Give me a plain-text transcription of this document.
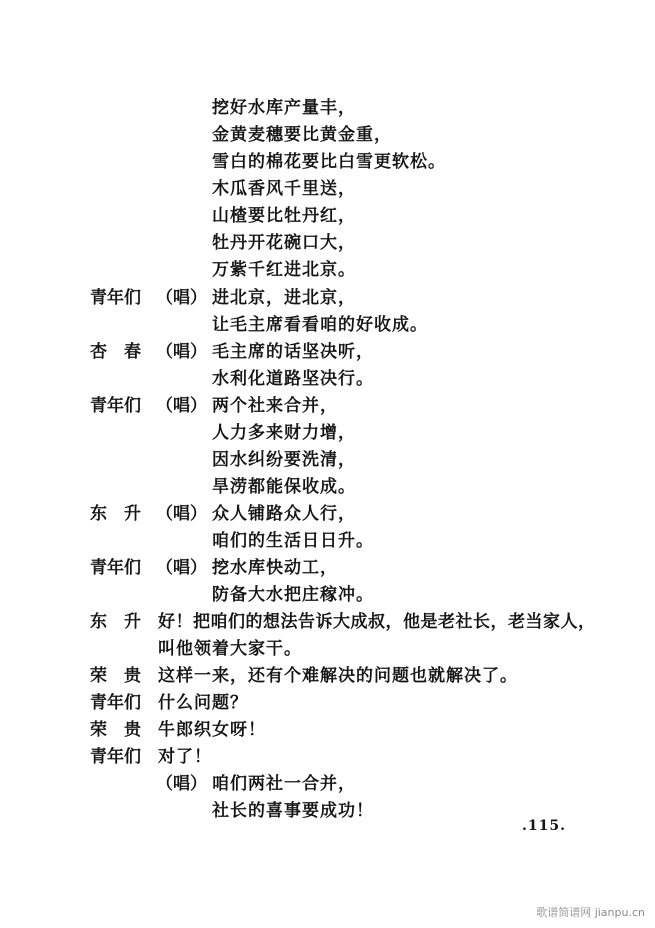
挖好水库产量丰，
金黄麦穗要比黄金重，
雪白的棉花要比白雪更软松。
木瓜香风千里送，
山楂要比牡丹红，
牡丹开花碗口大，
万紫千红进北京。
青年们 （唱） 进北京，进北京，
让毛主席看看咱的好收成。
杏　春 （唱） 毛主席的话坚决听，
水利化道路坚决行。
青年们 （唱） 两个社来合并，
人力多来财力增，
因水纠纷要洗清，
旱涝都能保收成。
东　升 （唱） 众人铺路众人行，
咱们的生活日日升。
青年们 （唱） 挖水库快动工，
防备大水把庄稼冲。
东　升 好！把咱们的想法告诉大成叔，他是老社长，老当家人，
叫他领着大家干。
荣　贵 这样一来，还有个难解决的问题也就解决了。
青年们 什么问题？
荣　贵 牛郎织女呀！
青年们 对了！
（唱） 咱们两社一合并，
社长的喜事要成功！
.115.
歌谱简谱网 jianpu.cn
